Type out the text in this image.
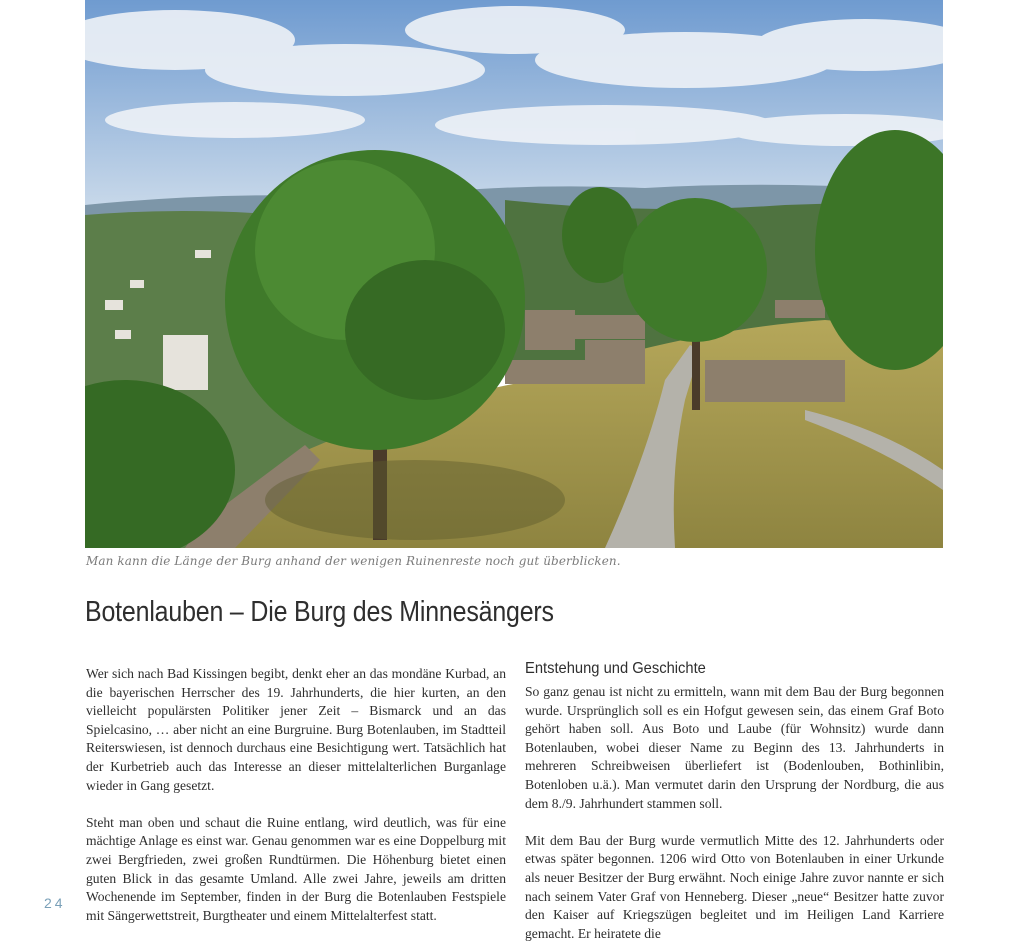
Man kann die Länge der Burg anhand der wenigen Ruinenreste noch gut überblicken.
Botenlauben – Die Burg des Minnesängers

Wer sich nach Bad Kissingen begibt, denkt eher an das mondäne Kurbad, an die bayerischen Herrscher des 19. Jahrhunderts, die hier kurten, an den vielleicht populärsten Politiker jener Zeit – Bismarck und an das Spielcasino, … aber nicht an eine Burgruine. Burg Botenlauben, im Stadtteil Reiterswiesen, ist dennoch durchaus eine Besichtigung wert. Tatsächlich hat der Kurbetrieb auch das Interesse an dieser mittelalterlichen Burganlage wieder in Gang gesetzt.

Steht man oben und schaut die Ruine entlang, wird deutlich, was für eine mächtige Anlage es einst war. Genau genommen war es eine Doppelburg mit zwei Bergfrieden, zwei großen Rundtürmen. Die Höhenburg bietet einen guten Blick in das gesamte Umland. Alle zwei Jahre, jeweils am dritten Wochenende im September, finden in der Burg die Botenlauben Festspiele mit Sängerwettstreit, Burgtheater und einem Mittelalterfest statt.

Entstehung und Geschichte

So ganz genau ist nicht zu ermitteln, wann mit dem Bau der Burg begonnen wurde. Ursprünglich soll es ein Hofgut gewesen sein, das einem Graf Boto gehört haben soll. Aus Boto und Laube (für Wohnsitz) wurde dann Botenlauben, wobei dieser Name zu Beginn des 13. Jahrhunderts in mehreren Schreibweisen überliefert ist (Bodenlouben, Bothinlibin, Botenloben u.ä.). Man vermutet darin den Ursprung der Nordburg, die aus dem 8./9. Jahrhundert stammen soll.

Mit dem Bau der Burg wurde vermutlich Mitte des 12. Jahrhunderts oder etwas später begonnen. 1206 wird Otto von Botenlauben in einer Urkunde als neuer Besitzer der Burg erwähnt. Noch einige Jahre zuvor nannte er sich nach seinem Vater Graf von Henneberg. Dieser „neue“ Besitzer hatte zuvor den Kaiser auf Kriegszügen begleitet und im Heiligen Land Karriere gemacht. Er heiratete die

24
